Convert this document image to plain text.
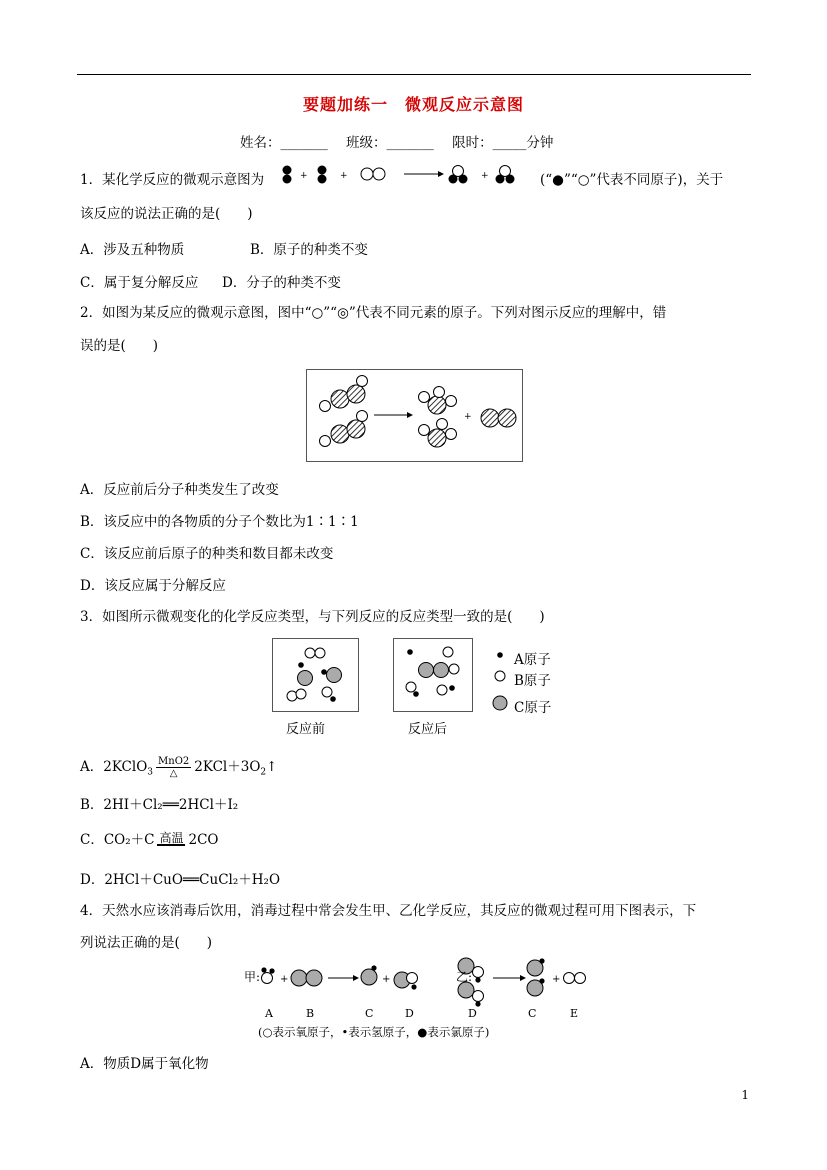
要题加练一　微观反应示意图
姓名：_______ 班级：_______ 限时：_____分钟
1．某化学反应的微观示意图为	+	+	+	(“●”“○”代表不同原子)，关于
该反应的说法正确的是(　　)
A．涉及五种物质	B．原子的种类不变
C．属于复分解反应 D．分子的种类不变
2．如图为某反应的微观示意图，图中“○”“◎”代表不同元素的原子。下列对图示反应的理解中，错
误的是(　　)
+
A．反应前后分子种类发生了改变
B．该反应中的各物质的分子个数比为1∶1∶1
C．该反应前后原子的种类和数目都未改变
D．该反应属于分解反应
3．如图所示微观变化的化学反应类型，与下列反应的反应类型一致的是(　　)
反应前	反应后
A原子
B原子
C原子
A．2KClO$_3$ $\frac{\text{MnO2}}{\triangle}$ $2KCl+3O_2↑$
B．2HI＋Cl₂══2HCl＋I₂
C．CO₂＋C 高温 2CO
D．2HCl＋CuO══CuCl₂＋H₂O
4．天然水应该消毒后饮用，消毒过程中常会发生甲、乙化学反应，其反应的微观过程可用下图表示，下
列说法正确的是(　　)
甲: +	+	+
乙:
A	B	C	D	D	C	E
(○表示氧原子，•表示氢原子，●表示氯原子)
A．物质D属于氧化物
1
